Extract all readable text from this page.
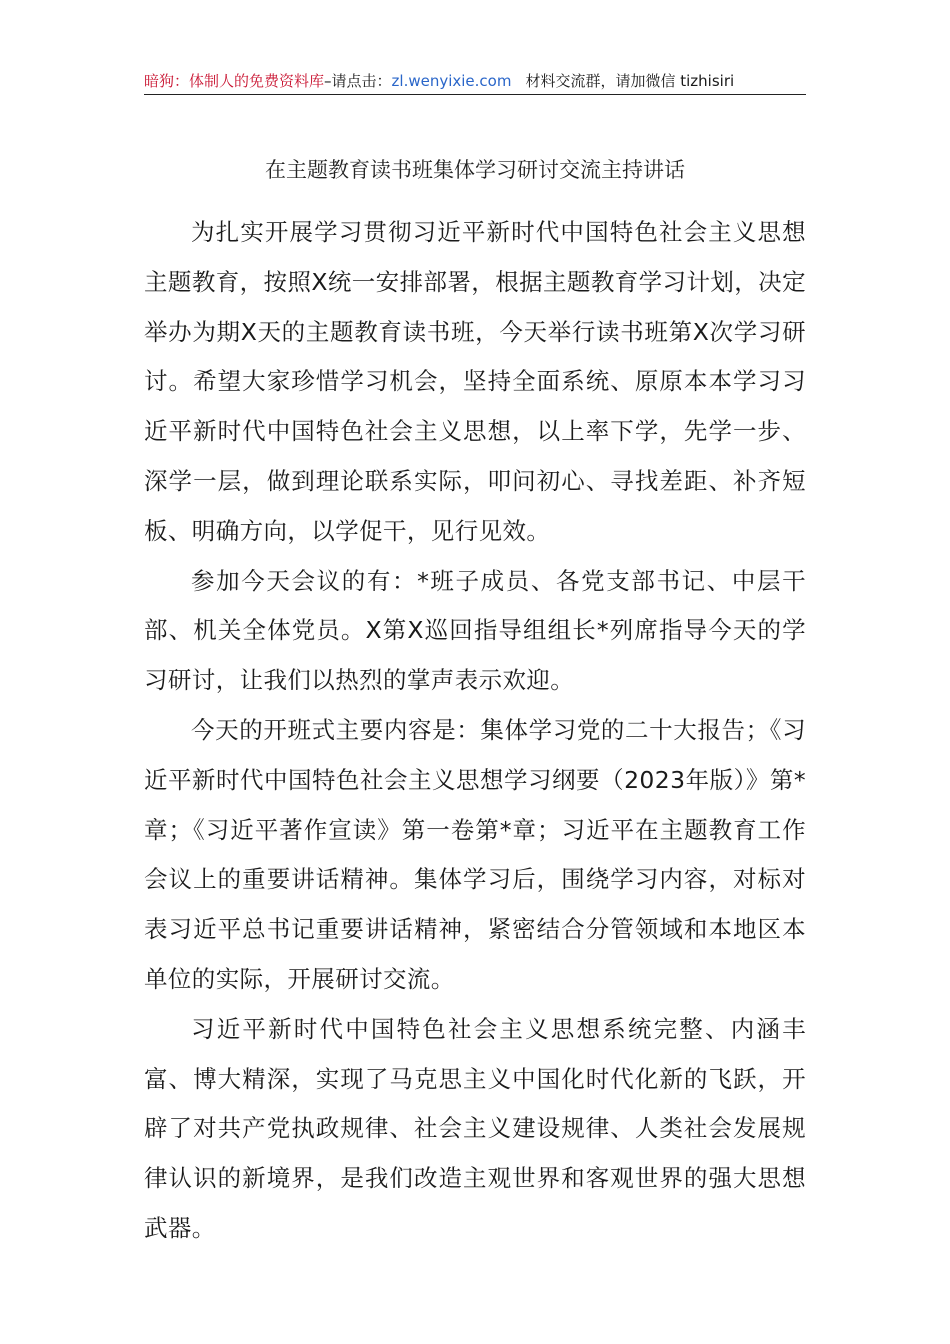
暗狗：体制人的免费资料库–请点击：zl.wenyixie.com 材料交流群，请加微信 tizhisiri
在主题教育读书班集体学习研讨交流主持讲话

为扎实开展学习贯彻习近平新时代中国特色社会主义思想主题教育，按照X统一安排部署，根据主题教育学习计划，决定举办为期X天的主题教育读书班，今天举行读书班第X次学习研讨。希望大家珍惜学习机会，坚持全面系统、原原本本学习习近平新时代中国特色社会主义思想，以上率下学，先学一步、深学一层，做到理论联系实际，叩问初心、寻找差距、补齐短板、明确方向，以学促干，见行见效。

参加今天会议的有：*班子成员、各党支部书记、中层干部、机关全体党员。X第X巡回指导组组长*列席指导今天的学习研讨，让我们以热烈的掌声表示欢迎。

今天的开班式主要内容是：集体学习党的二十大报告；《习近平新时代中国特色社会主义思想学习纲要（2023年版）》第*章；《习近平著作宣读》第一卷第*章；习近平在主题教育工作会议上的重要讲话精神。集体学习后，围绕学习内容，对标对表习近平总书记重要讲话精神，紧密结合分管领域和本地区本单位的实际，开展研讨交流。

习近平新时代中国特色社会主义思想系统完整、内涵丰富、博大精深，实现了马克思主义中国化时代化新的飞跃，开辟了对共产党执政规律、社会主义建设规律、人类社会发展规律认识的新境界，是我们改造主观世界和客观世界的强大思想武器。
